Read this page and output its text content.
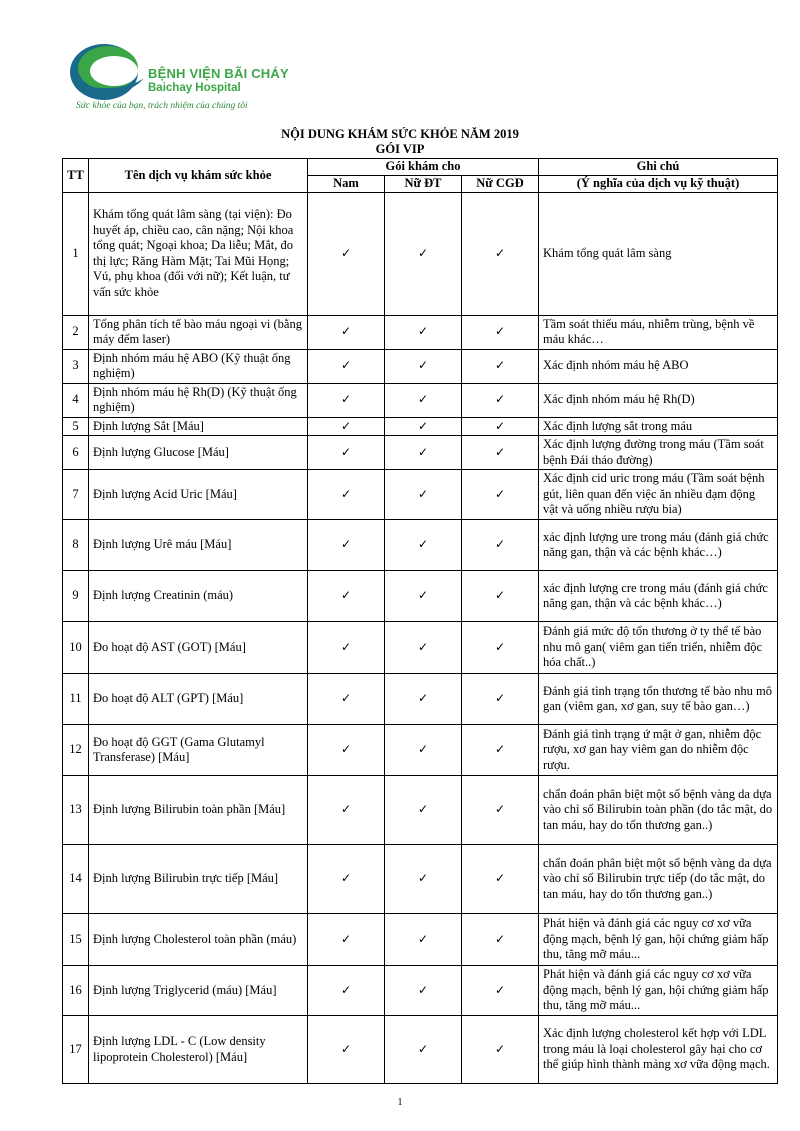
BỆNH VIỆN BÃI CHÁY
Baichay Hospital
Sức khỏe của bạn, trách nhiệm của chúng tôi
NỘI DUNG KHÁM SỨC KHỎE NĂM 2019
GÓI VIP
TT	Tên dịch vụ khám sức khỏe	Gói khám cho			Ghi chú
		Nam	Nữ ĐT	Nữ CGĐ	(Ý nghĩa của dịch vụ kỹ thuật)
1	Khám tổng quát lâm sàng (tại viện): Đo huyết áp, chiều cao, cân nặng; Nội khoa tổng quát; Ngoại khoa; Da liễu; Mắt, đo thị lực; Răng Hàm Mặt; Tai Mũi Họng; Vú, phụ khoa (đối với nữ); Kết luận, tư vấn sức khỏe	✓	✓	✓	Khám tổng quát lâm sàng
2	Tổng phân tích tế bào máu ngoại vi (bằng máy đếm laser)	✓	✓	✓	Tầm soát thiếu máu, nhiễm trùng, bệnh về máu khác…
3	Định nhóm máu hệ ABO (Kỹ thuật ống nghiệm)	✓	✓	✓	Xác định nhóm máu hệ ABO
4	Định nhóm máu hệ Rh(D) (Kỹ thuật ống nghiệm)	✓	✓	✓	Xác định nhóm máu hệ Rh(D)
5	Định lượng Sắt [Máu]	✓	✓	✓	Xác định lượng sắt trong máu
6	Định lượng Glucose [Máu]	✓	✓	✓	Xác định lượng đường trong máu (Tầm soát bệnh Đái tháo đường)
7	Định lượng Acid Uric [Máu]	✓	✓	✓	Xác định cid uric trong máu (Tầm soát bệnh gút, liên quan đến việc ăn nhiều đạm động vật và uống nhiều rượu bia)
8	Định lượng Urê máu [Máu]	✓	✓	✓	xác định lượng ure trong máu (đánh giá chức năng gan, thận và các bệnh khác…)
9	Định lượng Creatinin (máu)	✓	✓	✓	xác định lượng cre trong máu (đánh giá chức năng gan, thận và các bệnh khác…)
10	Đo hoạt độ AST (GOT) [Máu]	✓	✓	✓	Đánh giá mức độ tổn thương ở ty thể tế bào nhu mô gan( viêm gan tiến triển, nhiễm độc hóa chất..)
11	Đo hoạt độ ALT (GPT) [Máu]	✓	✓	✓	Đánh giá tình trạng tổn thương tế bào nhu mô gan (viêm gan, xơ gan, suy tế bào gan…)
12	Đo hoạt độ GGT (Gama Glutamyl Transferase) [Máu]	✓	✓	✓	Đánh giá tình trạng ứ mật ở gan, nhiễm độc rượu, xơ gan hay viêm gan do nhiễm độc rượu.
13	Định lượng Bilirubin toàn phần [Máu]	✓	✓	✓	chẩn đoán phân biệt một số bệnh vàng da dựa vào chỉ số Bilirubin toàn phần (do tắc mật, do tan máu, hay do tổn thương gan..)
14	Định lượng Bilirubin trực tiếp [Máu]	✓	✓	✓	chẩn đoán phân biệt một số bệnh vàng da dựa vào chỉ số Bilirubin trực tiếp (do tắc mật, do tan máu, hay do tổn thương gan..)
15	Định lượng Cholesterol toàn phần (máu)	✓	✓	✓	Phát hiện và đánh giá các nguy cơ xơ vữa động mạch, bệnh lý gan, hội chứng giảm hấp thu, tăng mỡ máu...
16	Định lượng Triglycerid (máu) [Máu]	✓	✓	✓	Phát hiện và đánh giá các nguy cơ xơ vữa động mạch, bệnh lý gan, hội chứng giảm hấp thu, tăng mỡ máu...
17	Định lượng LDL - C (Low density lipoprotein Cholesterol) [Máu]	✓	✓	✓	Xác định lượng cholesterol kết hợp với LDL trong máu là loại cholesterol gây hại cho cơ thể giúp hình thành mảng xơ vữa động mạch.
1
